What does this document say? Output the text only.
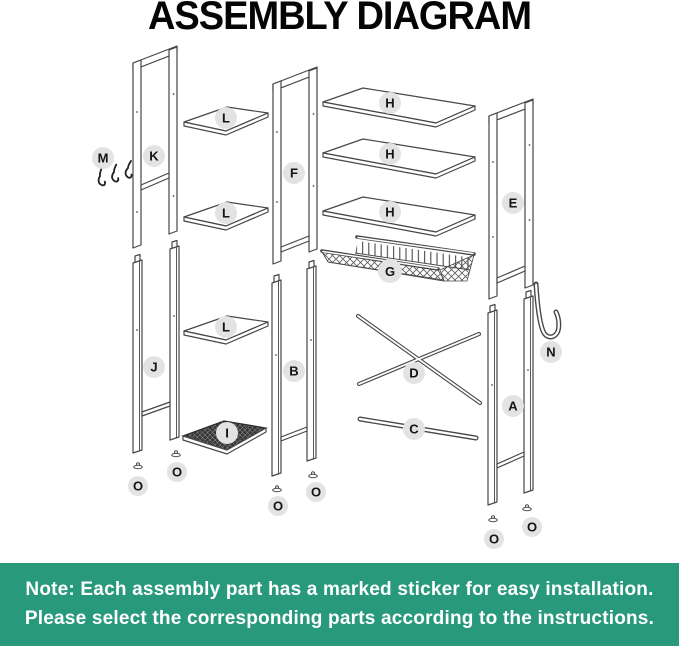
ASSEMBLY DIAGRAM
M	K
L
L
L
F
H
H
H
G
E
N
J
I
B	D
C
A
O
O
O
O
O
O

Note: Each assembly part has a marked sticker for easy installation.

Please select the corresponding parts according to the instructions.
